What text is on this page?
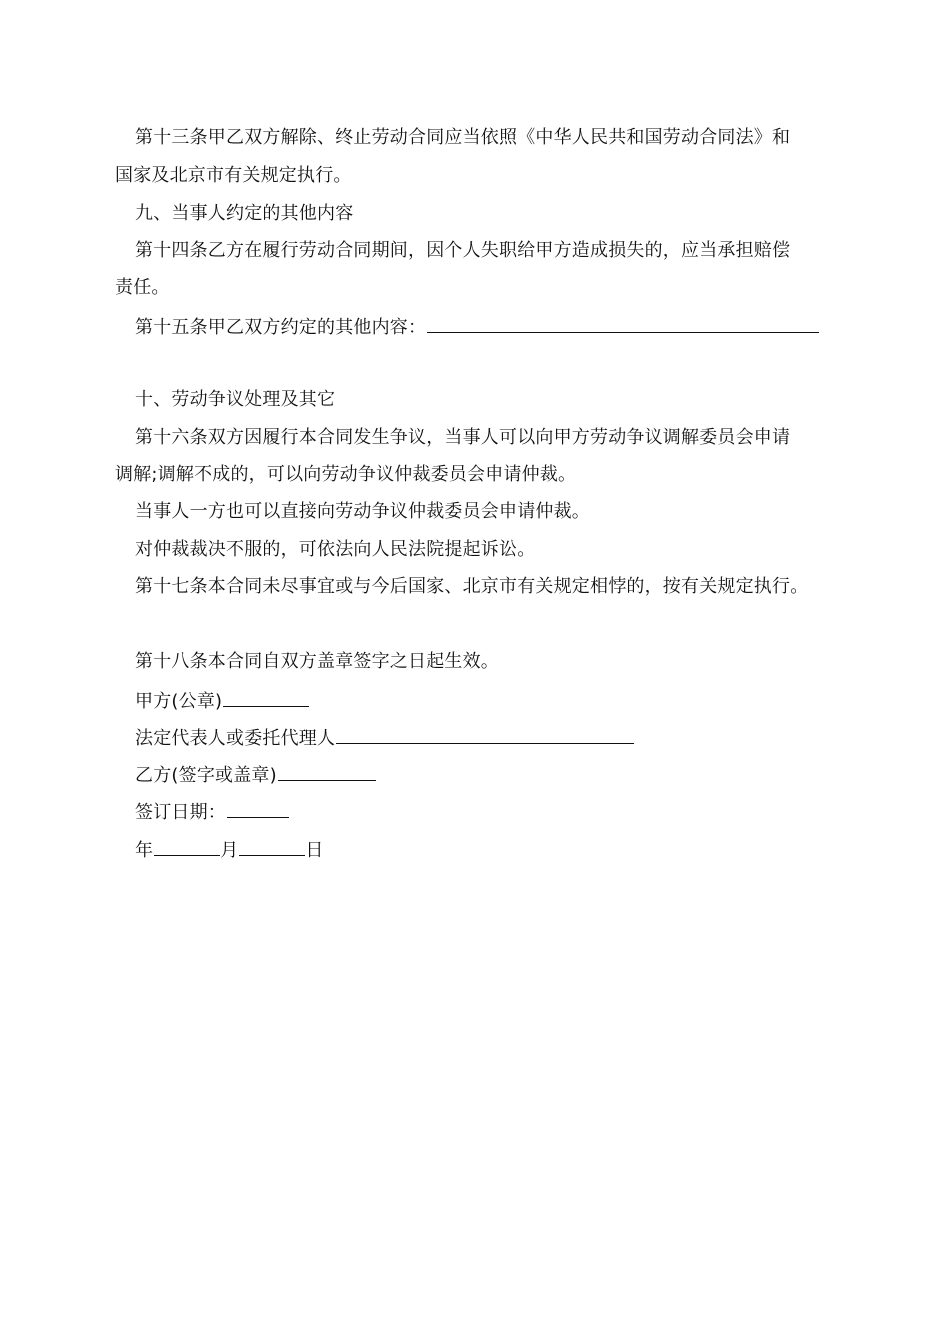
第十三条甲乙双方解除、终止劳动合同应当依照《中华人民共和国劳动合同法》和
国家及北京市有关规定执行。
九、当事人约定的其他内容
第十四条乙方在履行劳动合同期间，因个人失职给甲方造成损失的，应当承担赔偿
责任。
第十五条甲乙双方约定的其他内容：
十、劳动争议处理及其它
第十六条双方因履行本合同发生争议，当事人可以向甲方劳动争议调解委员会申请
调解;调解不成的，可以向劳动争议仲裁委员会申请仲裁。
当事人一方也可以直接向劳动争议仲裁委员会申请仲裁。
对仲裁裁决不服的，可依法向人民法院提起诉讼。
第十七条本合同未尽事宜或与今后国家、北京市有关规定相悖的，按有关规定执行。
第十八条本合同自双方盖章签字之日起生效。
甲方(公章)
法定代表人或委托代理人
乙方(签字或盖章)
签订日期：
年	月	日
